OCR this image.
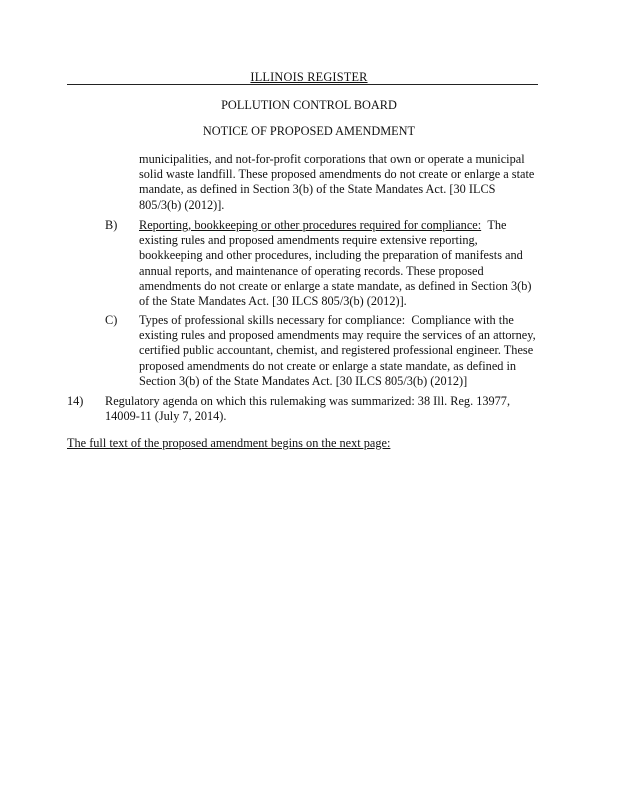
ILLINOIS REGISTER
POLLUTION CONTROL BOARD
NOTICE OF PROPOSED AMENDMENT
municipalities, and not-for-profit corporations that own or operate a municipal solid waste landfill. These proposed amendments do not create or enlarge a state mandate, as defined in Section 3(b) of the State Mandates Act. [30 ILCS 805/3(b) (2012)].
B) Reporting, bookkeeping or other procedures required for compliance: The existing rules and proposed amendments require extensive reporting, bookkeeping and other procedures, including the preparation of manifests and annual reports, and maintenance of operating records. These proposed amendments do not create or enlarge a state mandate, as defined in Section 3(b) of the State Mandates Act. [30 ILCS 805/3(b) (2012)].
C) Types of professional skills necessary for compliance: Compliance with the existing rules and proposed amendments may require the services of an attorney, certified public accountant, chemist, and registered professional engineer. These proposed amendments do not create or enlarge a state mandate, as defined in Section 3(b) of the State Mandates Act. [30 ILCS 805/3(b) (2012)]
14) Regulatory agenda on which this rulemaking was summarized: 38 Ill. Reg. 13977, 14009-11 (July 7, 2014).
The full text of the proposed amendment begins on the next page:
